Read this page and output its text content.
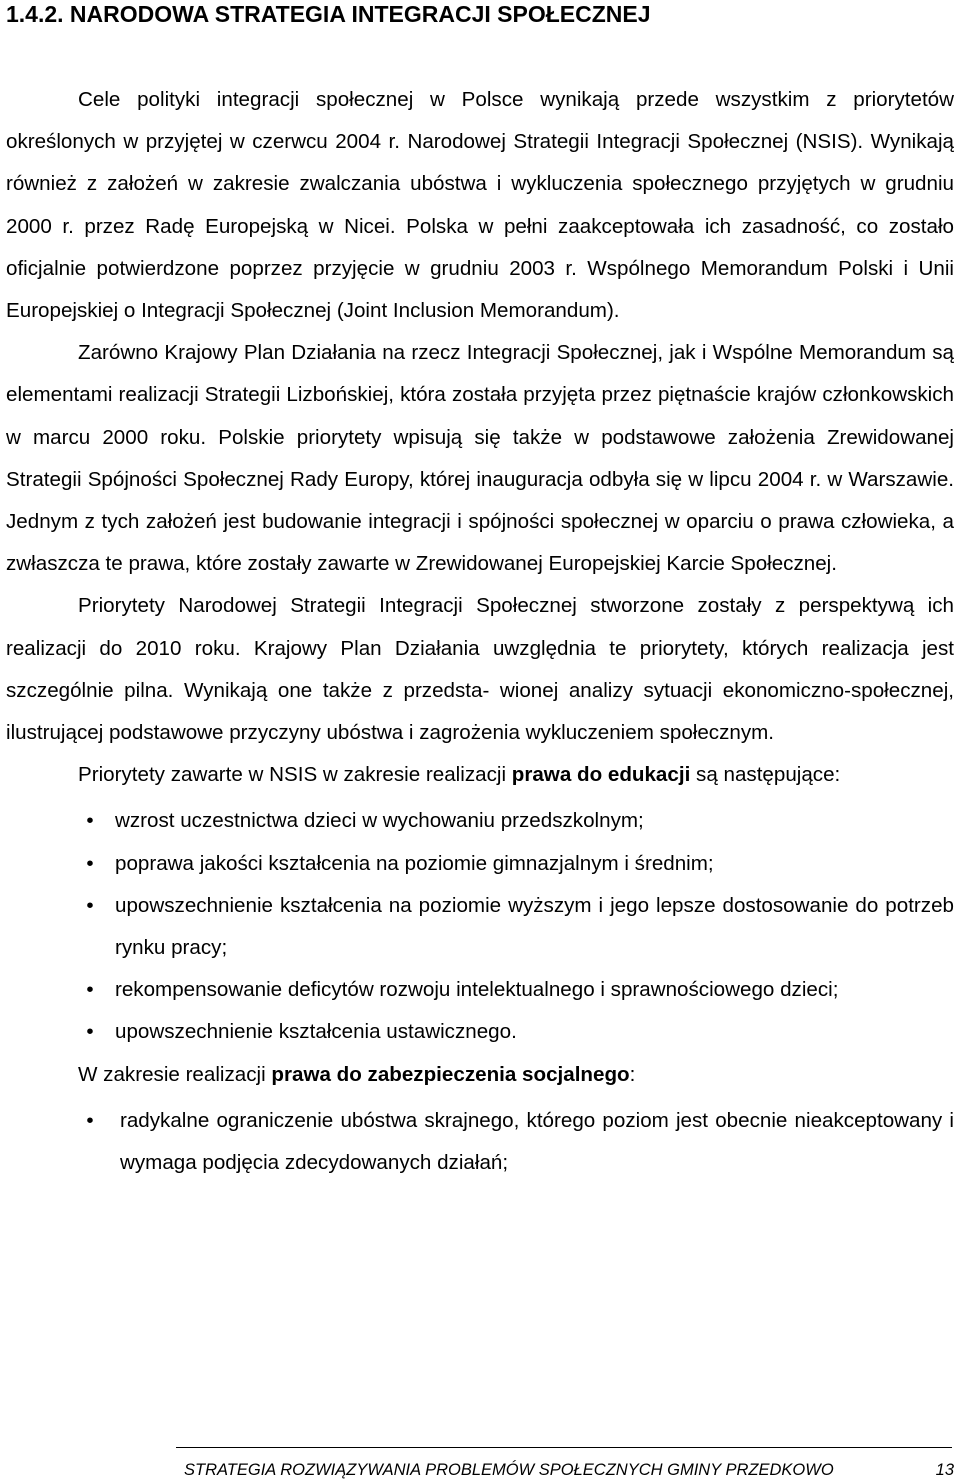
1.4.2. NARODOWA STRATEGIA INTEGRACJI SPOŁECZNEJ

Cele polityki integracji społecznej w Polsce wynikają przede wszystkim z priorytetów określonych w przyjętej w czerwcu 2004 r. Narodowej Strategii Integracji Społecznej (NSIS). Wynikają również z założeń w zakresie zwalczania ubóstwa i wykluczenia społecznego przyjętych w grudniu 2000 r. przez Radę Europejską w Nicei. Polska w pełni zaakceptowała ich zasadność, co zostało oficjalnie potwierdzone poprzez przyjęcie w grudniu 2003 r. Wspólnego Memorandum Polski i Unii Europejskiej o Integracji Społecznej (Joint Inclusion Memorandum).

Zarówno Krajowy Plan Działania na rzecz Integracji Społecznej, jak i Wspólne Memorandum są elementami realizacji Strategii Lizbońskiej, która została przyjęta przez piętnaście krajów członkowskich w marcu 2000 roku. Polskie priorytety wpisują się także w podstawowe założenia Zrewidowanej Strategii Spójności Społecznej Rady Europy, której inauguracja odbyła się w lipcu 2004 r. w Warszawie. Jednym z tych założeń jest budowanie integracji i spójności społecznej w oparciu o prawa człowieka, a zwłaszcza te prawa, które zostały zawarte w Zrewidowanej Europejskiej Karcie Społecznej.

Priorytety Narodowej Strategii Integracji Społecznej stworzone zostały z perspektywą ich realizacji do 2010 roku. Krajowy Plan Działania uwzględnia te priorytety, których realizacja jest szczególnie pilna. Wynikają one także z przedsta- wionej analizy sytuacji ekonomiczno-społecznej, ilustrującej podstawowe przyczyny ubóstwa i zagrożenia wykluczeniem społecznym.

Priorytety zawarte w NSIS w zakresie realizacji prawa do edukacji są następujące:

•	wzrost uczestnictwa dzieci w wychowaniu przedszkolnym;
•	poprawa jakości kształcenia na poziomie gimnazjalnym i średnim;
•	upowszechnienie kształcenia na poziomie wyższym i jego lepsze dostosowanie do potrzeb rynku pracy;
•	rekompensowanie deficytów rozwoju intelektualnego i sprawnościowego dzieci;
•	upowszechnienie kształcenia ustawicznego.

W zakresie realizacji prawa do zabezpieczenia socjalnego:

•	radykalne ograniczenie ubóstwa skrajnego, którego poziom jest obecnie nieakceptowany i wymaga podjęcia zdecydowanych działań;
STRATEGIA ROZWIĄZYWANIA PROBLEMÓW SPOŁECZNYCH GMINY PRZEDKOWO	13
